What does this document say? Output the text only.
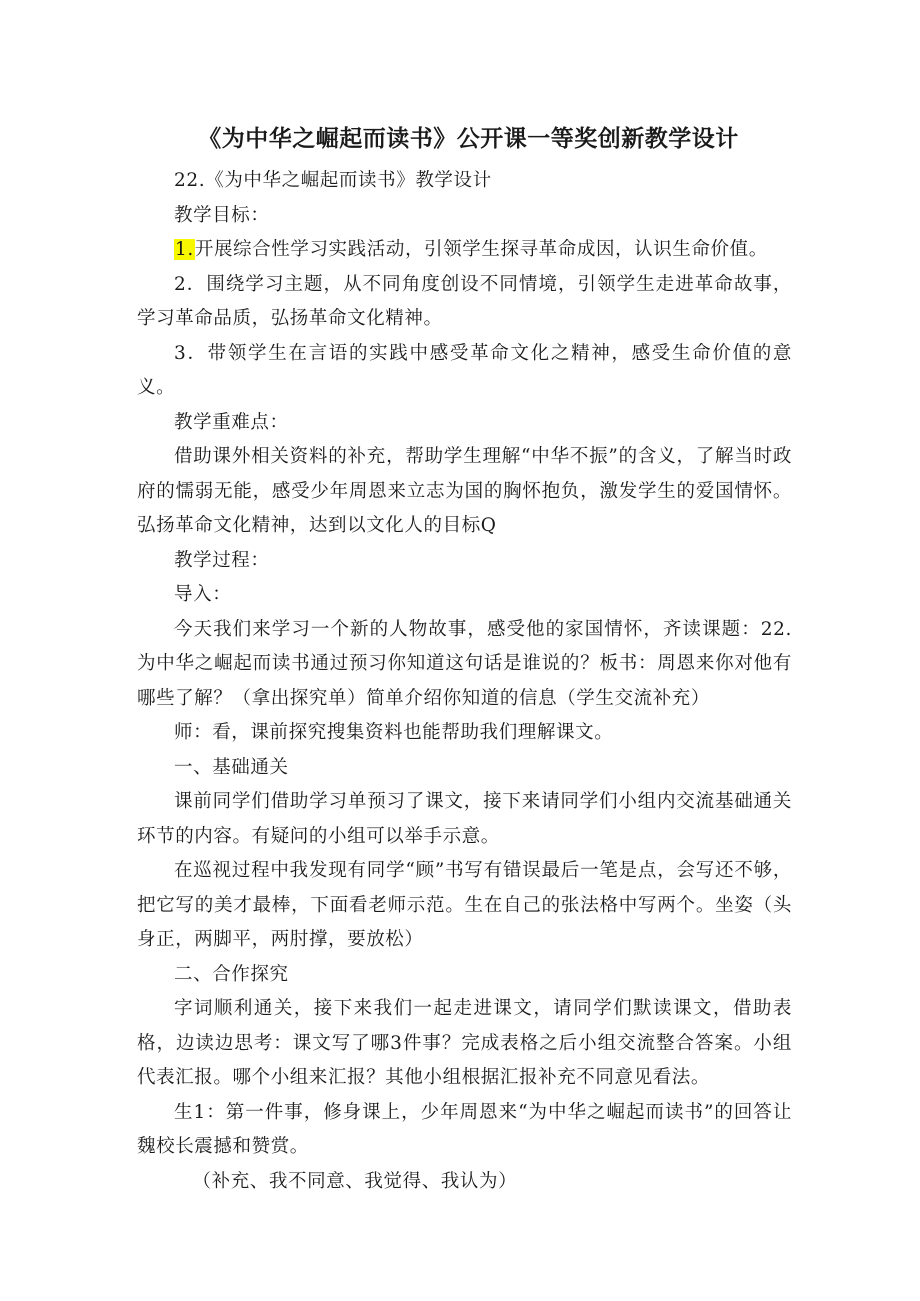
《为中华之崛起而读书》公开课一等奖创新教学设计

22.《为中华之崛起而读书》教学设计

教学目标：

1.开展综合性学习实践活动，引领学生探寻革命成因，认识生命价值。

2．围绕学习主题，从不同角度创设不同情境，引领学生走进革命故事，学习革命品质，弘扬革命文化精神。

3．带领学生在言语的实践中感受革命文化之精神，感受生命价值的意义。

教学重难点：

借助课外相关资料的补充，帮助学生理解“中华不振”的含义，了解当时政府的懦弱无能，感受少年周恩来立志为国的胸怀抱负，激发学生的爱国情怀。弘扬革命文化精神，达到以文化人的目标Q

教学过程：

导入：

今天我们来学习一个新的人物故事，感受他的家国情怀，齐读课题：22.为中华之崛起而读书通过预习你知道这句话是谁说的？板书：周恩来你对他有哪些了解？（拿出探究单）简单介绍你知道的信息（学生交流补充）

师：看，课前探究搜集资料也能帮助我们理解课文。

一、基础通关

课前同学们借助学习单预习了课文，接下来请同学们小组内交流基础通关环节的内容。有疑问的小组可以举手示意。

在巡视过程中我发现有同学“顾”书写有错误最后一笔是点，会写还不够，把它写的美才最棒，下面看老师示范。生在自己的张法格中写两个。坐姿（头身正，两脚平，两肘撑，要放松）

二、合作探究

字词顺利通关，接下来我们一起走进课文，请同学们默读课文，借助表格，边读边思考：课文写了哪3件事？完成表格之后小组交流整合答案。小组代表汇报。哪个小组来汇报？其他小组根据汇报补充不同意见看法。

生1：第一件事，修身课上，少年周恩来“为中华之崛起而读书”的回答让魏校长震撼和赞赏。

（补充、我不同意、我觉得、我认为）
